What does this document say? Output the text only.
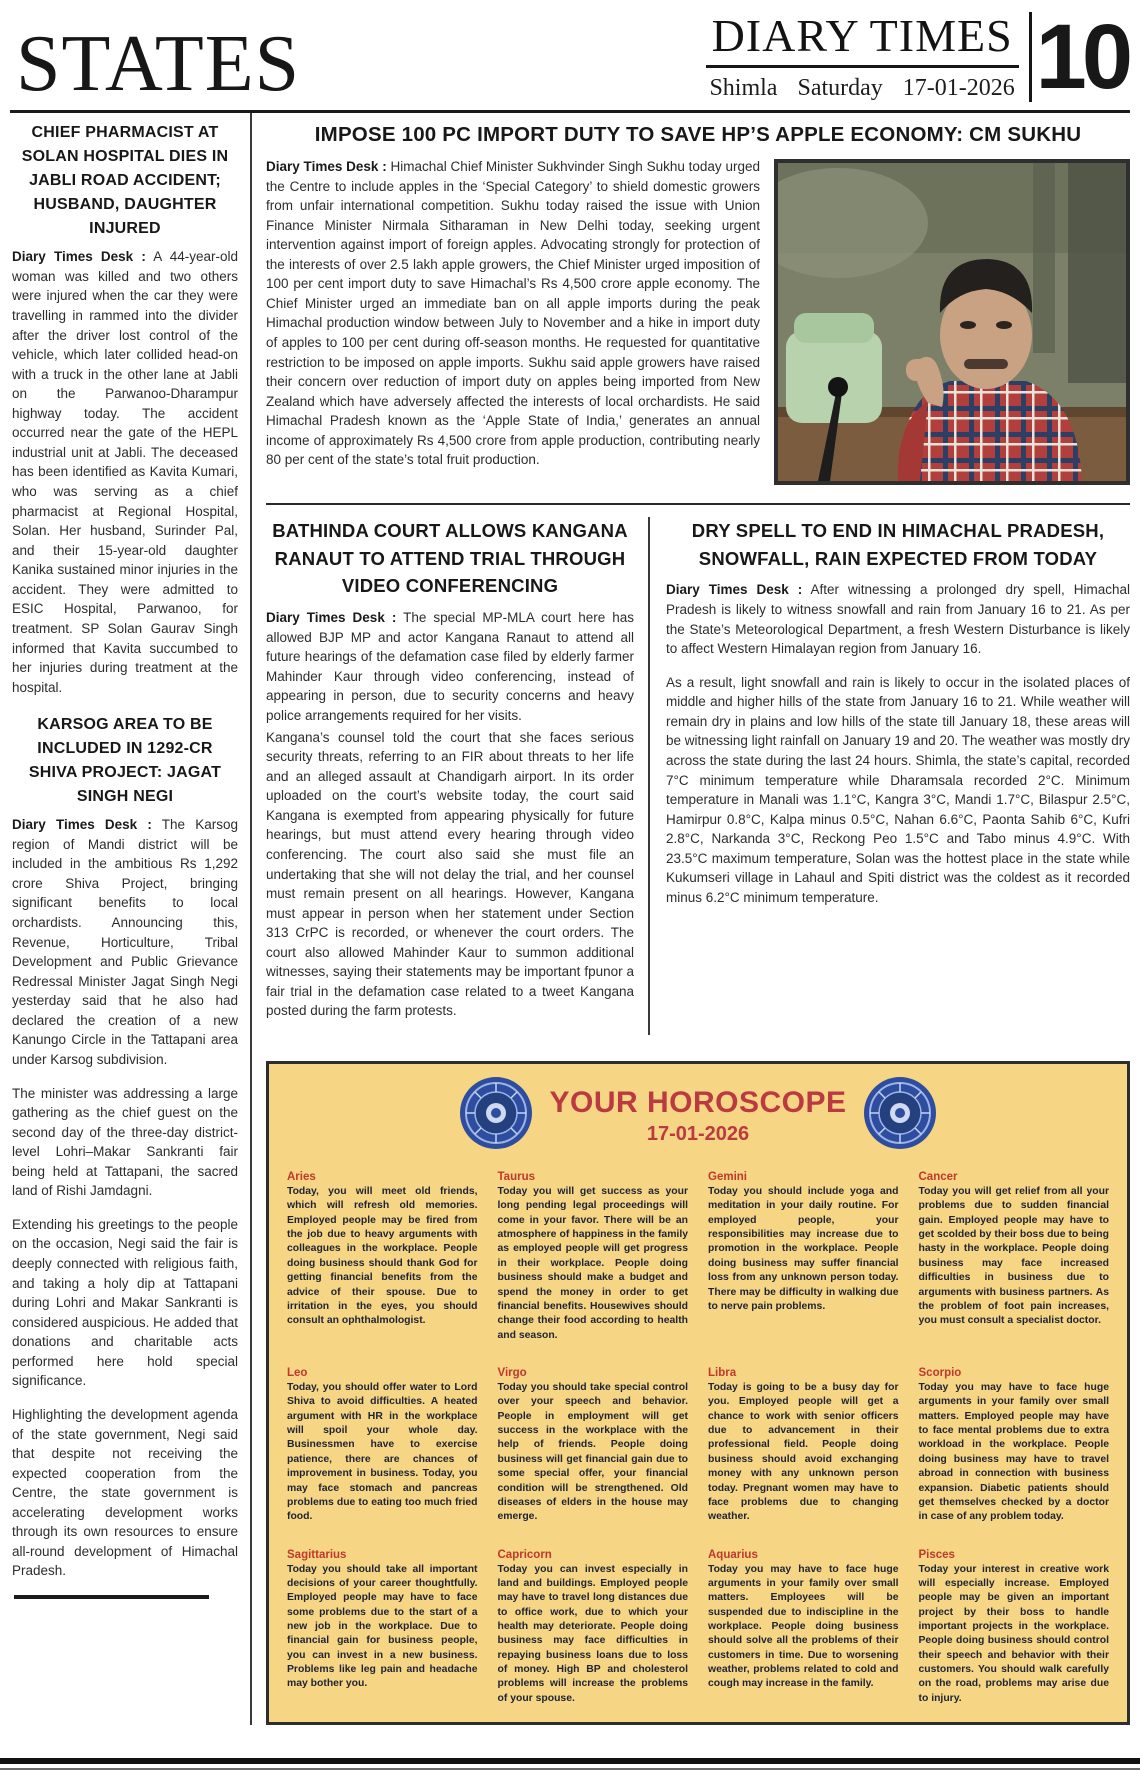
STATES	DIARY TIMES
Shimla Saturday 17-01-2026 10
CHIEF PHARMACIST AT SOLAN HOSPITAL DIES IN JABLI ROAD ACCIDENT; HUSBAND, DAUGHTER INJURED

Diary Times Desk : A 44-year-old woman was killed and two others were injured when the car they were travelling in rammed into the divider after the driver lost control of the vehicle, which later collided head-on with a truck in the other lane at Jabli on the Parwanoo-Dharampur highway today. The accident occurred near the gate of the HEPL industrial unit at Jabli. The deceased has been identified as Kavita Kumari, who was serving as a chief pharmacist at Regional Hospital, Solan. Her husband, Surinder Pal, and their 15-year-old daughter Kanika sustained minor injuries in the accident. They were admitted to ESIC Hospital, Parwanoo, for treatment. SP Solan Gaurav Singh informed that Kavita succumbed to her injuries during treatment at the hospital.

KARSOG AREA TO BE INCLUDED IN 1292-CR SHIVA PROJECT: JAGAT SINGH NEGI

Diary Times Desk : The Karsog region of Mandi district will be included in the ambitious Rs 1,292 crore Shiva Project, bringing significant benefits to local orchardists. Announcing this, Revenue, Horticulture, Tribal Development and Public Grievance Redressal Minister Jagat Singh Negi yesterday said that he also had declared the creation of a new Kanungo Circle in the Tattapani area under Karsog subdivision.

The minister was addressing a large gathering as the chief guest on the second day of the three-day district-level Lohri–Makar Sankranti fair being held at Tattapani, the sacred land of Rishi Jamdagni.

Extending his greetings to the people on the occasion, Negi said the fair is deeply connected with religious faith, and taking a holy dip at Tattapani during Lohri and Makar Sankranti is considered auspicious. He added that donations and charitable acts performed here hold special significance.

Highlighting the development agenda of the state government, Negi said that despite not receiving the expected cooperation from the Centre, the state government is accelerating development works through its own resources to ensure all-round development of Himachal Pradesh.

IMPOSE 100 PC IMPORT DUTY TO SAVE HP’S APPLE ECONOMY: CM SUKHU

Diary Times Desk : Himachal Chief Minister Sukhvinder Singh Sukhu today urged the Centre to include apples in the ‘Special Category’ to shield domestic growers from unfair international competition. Sukhu today raised the issue with Union Finance Minister Nirmala Sitharaman in New Delhi today, seeking urgent intervention against import of foreign apples. Advocating strongly for protection of the interests of over 2.5 lakh apple growers, the Chief Minister urged imposition of 100 per cent import duty to save Himachal’s Rs 4,500 crore apple economy. The Chief Minister urged an immediate ban on all apple imports during the peak Himachal production window between July to November and a hike in import duty of apples to 100 per cent during off-season months. He requested for quantitative restriction to be imposed on apple imports. Sukhu said apple growers have raised their concern over reduction of import duty on apples being imported from New Zealand which have adversely affected the interests of local orchardists. He said Himachal Pradesh known as the ‘Apple State of India,’ generates an annual income of approximately Rs 4,500 crore from apple production, contributing nearly 80 per cent of the state’s total fruit production.

BATHINDA COURT ALLOWS KANGANA RANAUT TO ATTEND TRIAL THROUGH VIDEO CONFERENCING

Diary Times Desk : The special MP-MLA court here has allowed BJP MP and actor Kangana Ranaut to attend all future hearings of the defamation case filed by elderly farmer Mahinder Kaur through video conferencing, instead of appearing in person, due to security concerns and heavy police arrangements required for her visits.

Kangana’s counsel told the court that she faces serious security threats, referring to an FIR about threats to her life and an alleged assault at Chandigarh airport. In its order uploaded on the court’s website today, the court said Kangana is exempted from appearing physically for future hearings, but must attend every hearing through video conferencing. The court also said she must file an undertaking that she will not delay the trial, and her counsel must remain present on all hearings. However, Kangana must appear in person when her statement under Section 313 CrPC is recorded, or whenever the court orders. The court also allowed Mahinder Kaur to summon additional witnesses, saying their statements may be important fpunor a fair trial in the defamation case related to a tweet Kangana posted during the farm protests.

DRY SPELL TO END IN HIMACHAL PRADESH, SNOWFALL, RAIN EXPECTED FROM TODAY

Diary Times Desk : After witnessing a prolonged dry spell, Himachal Pradesh is likely to witness snowfall and rain from January 16 to 21. As per the State’s Meteorological Department, a fresh Western Disturbance is likely to affect Western Himalayan region from January 16.

As a result, light snowfall and rain is likely to occur in the isolated places of middle and higher hills of the state from January 16 to 21. While weather will remain dry in plains and low hills of the state till January 18, these areas will be witnessing light rainfall on January 19 and 20. The weather was mostly dry across the state during the last 24 hours. Shimla, the state’s capital, recorded 7°C minimum temperature while Dharamsala recorded 2°C. Minimum temperature in Manali was 1.1°C, Kangra 3°C, Mandi 1.7°C, Bilaspur 2.5°C, Hamirpur 0.8°C, Kalpa minus 0.5°C, Nahan 6.6°C, Paonta Sahib 6°C, Kufri 2.8°C, Narkanda 3°C, Reckong Peo 1.5°C and Tabo minus 4.9°C. With 23.5°C maximum temperature, Solan was the hottest place in the state while Kukumseri village in Lahaul and Spiti district was the coldest as it recorded minus 6.2°C minimum temperature.

YOUR HOROSCOPE
17-01-2026
Aries
Today, you will meet old friends, which will refresh old memories. Employed people may be fired from the job due to heavy arguments with colleagues in the workplace. People doing business should thank God for getting financial benefits from the advice of their spouse. Due to irritation in the eyes, you should consult an ophthalmologist.
Taurus
Today you will get success as your long pending legal proceedings will come in your favor. There will be an atmosphere of happiness in the family as employed people will get progress in their workplace. People doing business should make a budget and spend the money in order to get financial benefits. Housewives should change their food according to health and season.
Gemini
Today you should include yoga and meditation in your daily routine. For employed people, your responsibilities may increase due to promotion in the workplace. People doing business may suffer financial loss from any unknown person today. There may be difficulty in walking due to nerve pain problems.
Cancer
Today you will get relief from all your problems due to sudden financial gain. Employed people may have to get scolded by their boss due to being hasty in the workplace. People doing business may face increased difficulties in business due to arguments with business partners. As the problem of foot pain increases, you must consult a specialist doctor.
Leo
Today, you should offer water to Lord Shiva to avoid difficulties. A heated argument with HR in the workplace will spoil your whole day. Businessmen have to exercise patience, there are chances of improvement in business. Today, you may face stomach and pancreas problems due to eating too much fried food.
Virgo
Today you should take special control over your speech and behavior. People in employment will get success in the workplace with the help of friends. People doing business will get financial gain due to some special offer, your financial condition will be strengthened. Old diseases of elders in the house may emerge.
Libra
Today is going to be a busy day for you. Employed people will get a chance to work with senior officers due to advancement in their professional field. People doing business should avoid exchanging money with any unknown person today. Pregnant women may have to face problems due to changing weather.
Scorpio
Today you may have to face huge arguments in your family over small matters. Employed people may have to face mental problems due to extra workload in the workplace. People doing business may have to travel abroad in connection with business expansion. Diabetic patients should get themselves checked by a doctor in case of any problem today.
Sagittarius
Today you should take all important decisions of your career thoughtfully. Employed people may have to face some problems due to the start of a new job in the workplace. Due to financial gain for business people, you can invest in a new business. Problems like leg pain and headache may bother you.
Capricorn
Today you can invest especially in land and buildings. Employed people may have to travel long distances due to office work, due to which your health may deteriorate. People doing business may face difficulties in repaying business loans due to loss of money. High BP and cholesterol problems will increase the problems of your spouse.
Aquarius
Today you may have to face huge arguments in your family over small matters. Employees will be suspended due to indiscipline in the workplace. People doing business should solve all the problems of their customers in time. Due to worsening weather, problems related to cold and cough may increase in the family.
Pisces
Today your interest in creative work will especially increase. Employed people may be given an important project by their boss to handle important projects in the workplace. People doing business should control their speech and behavior with their customers. You should walk carefully on the road, problems may arise due to injury.
